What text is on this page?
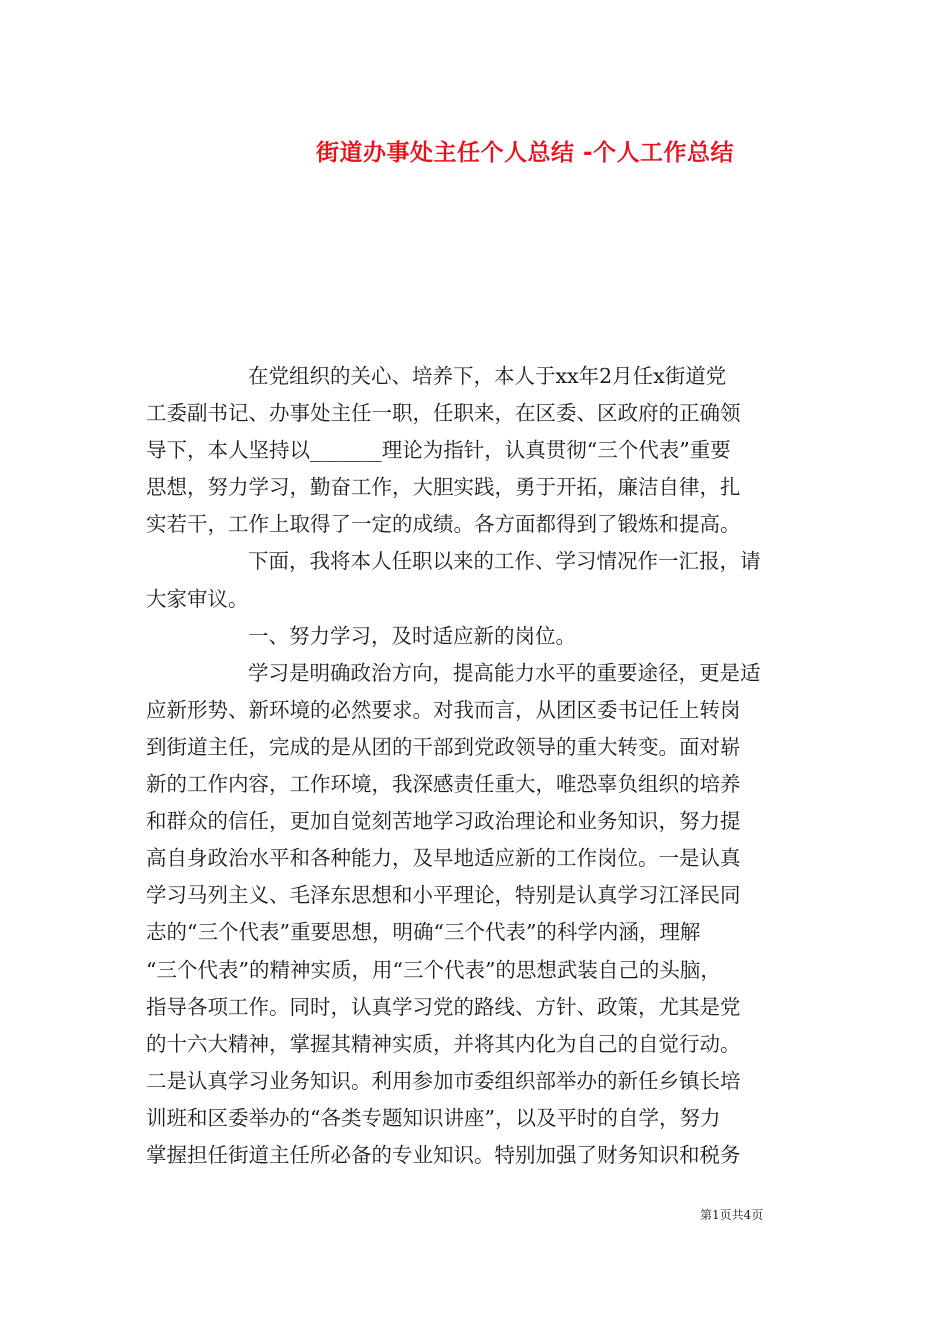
街道办事处主任个人总结 -个人工作总结
在党组织的关心、培养下，本人于xx年2月任x街道党
工委副书记、办事处主任一职，任职来，在区委、区政府的正确领
导下，本人坚持以_______理论为指针，认真贯彻“三个代表”重要
思想，努力学习，勤奋工作，大胆实践，勇于开拓，廉洁自律，扎
实若干，工作上取得了一定的成绩。各方面都得到了锻炼和提高。
下面，我将本人任职以来的工作、学习情况作一汇报，请
大家审议。
一、努力学习，及时适应新的岗位。
学习是明确政治方向，提高能力水平的重要途径，更是适
应新形势、新环境的必然要求。对我而言，从团区委书记任上转岗
到街道主任，完成的是从团的干部到党政领导的重大转变。面对崭
新的工作内容，工作环境，我深感责任重大，唯恐辜负组织的培养
和群众的信任，更加自觉刻苦地学习政治理论和业务知识，努力提
高自身政治水平和各种能力，及早地适应新的工作岗位。一是认真
学习马列主义、毛泽东思想和小平理论，特别是认真学习江泽民同
志的“三个代表”重要思想，明确“三个代表”的科学内涵，理解
“三个代表”的精神实质，用“三个代表”的思想武装自己的头脑，
指导各项工作。同时，认真学习党的路线、方针、政策，尤其是党
的十六大精神，掌握其精神实质，并将其内化为自己的自觉行动。
二是认真学习业务知识。利用参加市委组织部举办的新任乡镇长培
训班和区委举办的“各类专题知识讲座”，以及平时的自学，努力
掌握担任街道主任所必备的专业知识。特别加强了财务知识和税务
第1页共4页
